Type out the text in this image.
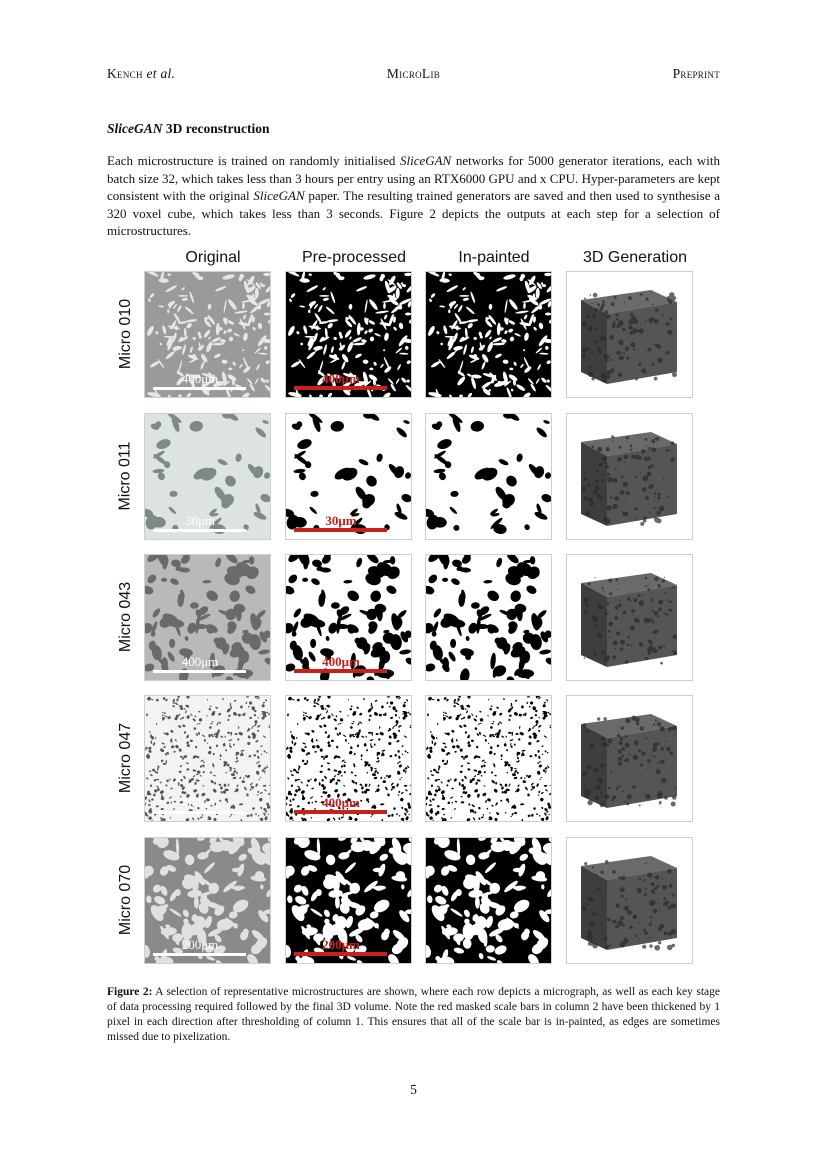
Kench et al.	MicroLib	Preprint
SliceGAN 3D reconstruction
Each microstructure is trained on randomly initialised SliceGAN networks for 5000 generator iterations, each with batch size 32, which takes less than 3 hours per entry using an RTX6000 GPU and x CPU. Hyper-parameters are kept consistent with the original SliceGAN paper. The resulting trained generators are saved and then used to synthesise a 320 voxel cube, which takes less than 3 seconds. Figure 2 depicts the outputs at each step for a selection of microstructures.
Original	Pre-processed	In-painted	3D Generation
Micro 010
400μm	400μm
Micro 011
30μm	30μm
Micro 043
400μm	400μm
Micro 047
400μm	400μm
Micro 070
200μm	200μm
Figure 2: A selection of representative microstructures are shown, where each row depicts a micrograph, as well as each key stage of data processing required followed by the final 3D volume. Note the red masked scale bars in column 2 have been thickened by 1 pixel in each direction after thresholding of column 1. This ensures that all of the scale bar is in-painted, as edges are sometimes missed due to pixelization.
5
